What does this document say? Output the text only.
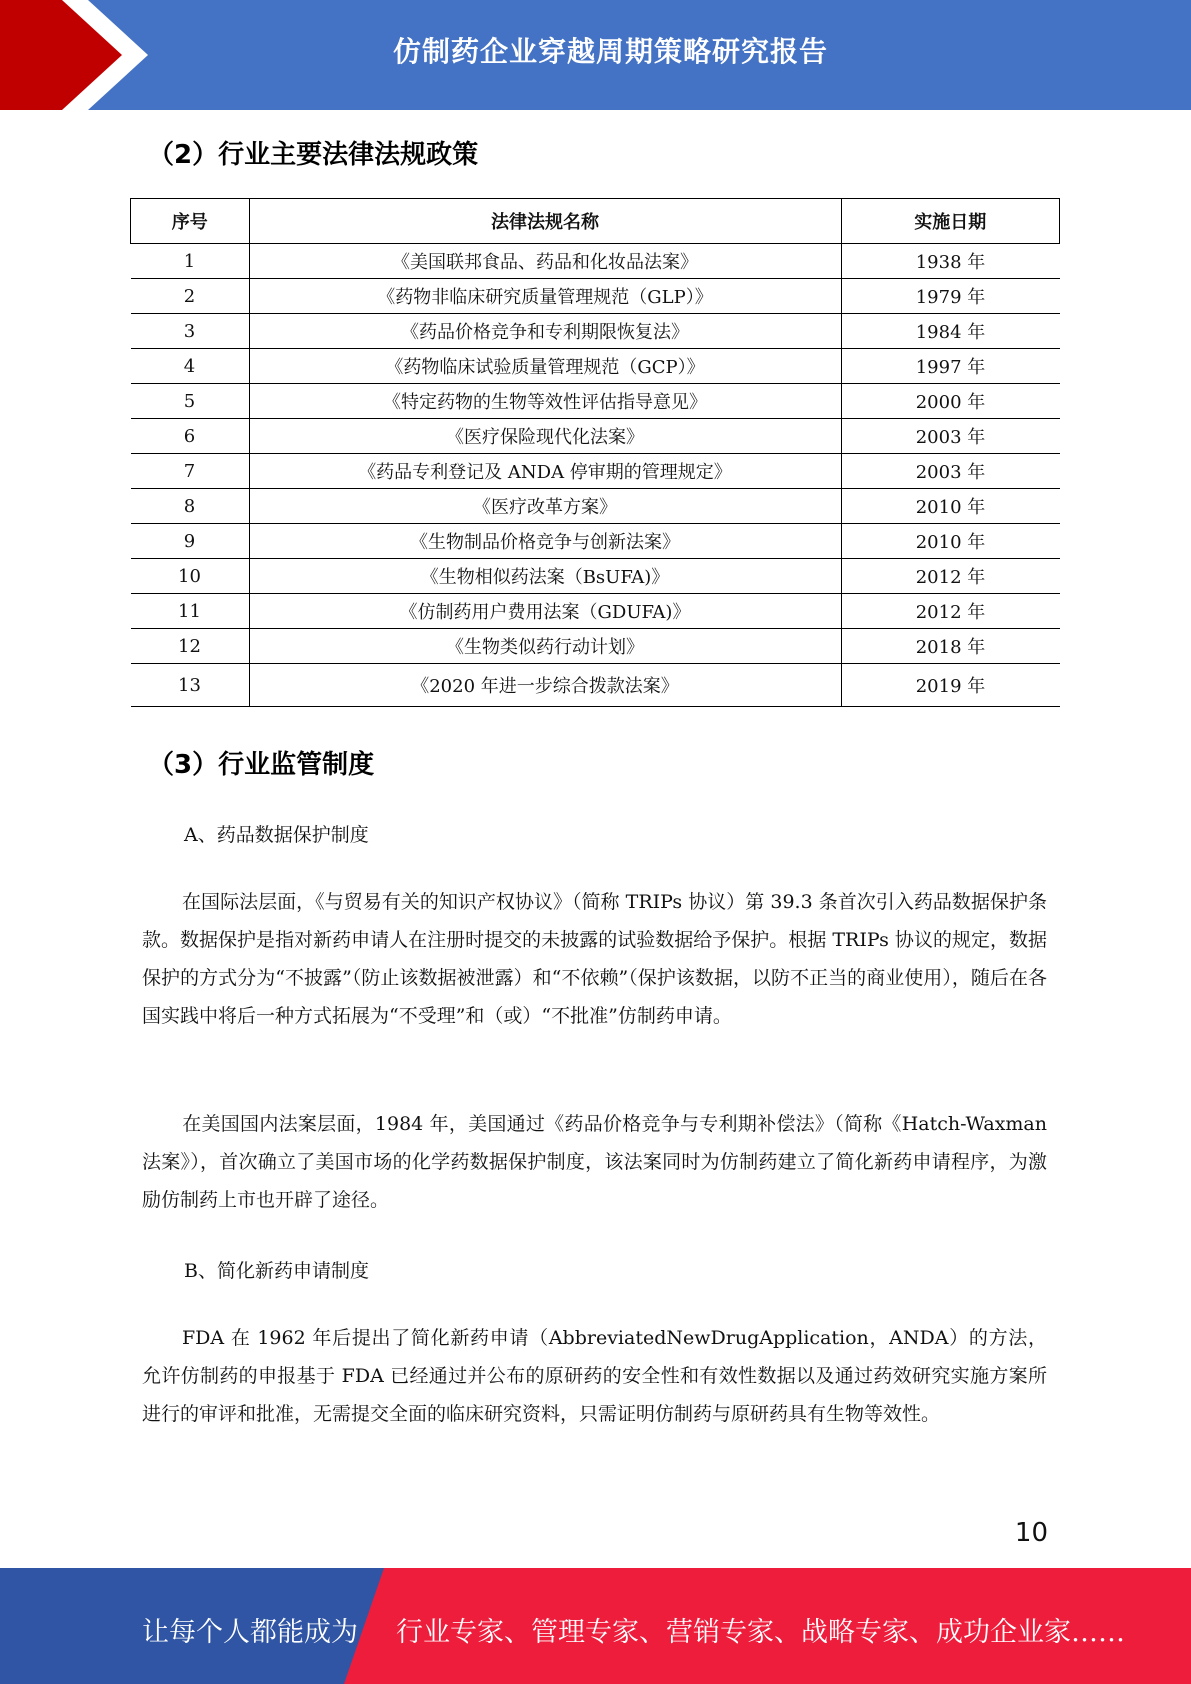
仿制药企业穿越周期策略研究报告
（2）行业主要法律法规政策
序号	法律法规名称	实施日期
1	《美国联邦食品、药品和化妆品法案》	1938 年
2	《药物非临床研究质量管理规范（GLP）》	1979 年
3	《药品价格竞争和专利期限恢复法》	1984 年
4	《药物临床试验质量管理规范（GCP）》	1997 年
5	《特定药物的生物等效性评估指导意见》	2000 年
6	《医疗保险现代化法案》	2003 年
7	《药品专利登记及 ANDA 停审期的管理规定》	2003 年
8	《医疗改革方案》	2010 年
9	《生物制品价格竞争与创新法案》	2010 年
10	《生物相似药法案（BsUFA)》	2012 年
11	《仿制药用户费用法案（GDUFA)》	2012 年
12	《生物类似药行动计划》	2018 年
13	《2020 年进一步综合拨款法案》	2019 年
（3）行业监管制度
A、药品数据保护制度
在国际法层面，《与贸易有关的知识产权协议》（简称 TRIPs 协议）第 39.3 条首次引入药品数据保护条款。数据保护是指对新药申请人在注册时提交的未披露的试验数据给予保护。根据 TRIPs 协议的规定，数据保护的方式分为“不披露”（防止该数据被泄露）和“不依赖”（保护该数据，以防不正当的商业使用），随后在各国实践中将后一种方式拓展为“不受理”和（或）“不批准”仿制药申请。
在美国国内法案层面，1984 年，美国通过《药品价格竞争与专利期补偿法》（简称《Hatch-Waxman 法案》），首次确立了美国市场的化学药数据保护制度，该法案同时为仿制药建立了简化新药申请程序，为激励仿制药上市也开辟了途径。
B、简化新药申请制度
FDA 在 1962 年后提出了简化新药申请（AbbreviatedNewDrugApplication，ANDA）的方法，允许仿制药的申报基于 FDA 已经通过并公布的原研药的安全性和有效性数据以及通过药效研究实施方案所进行的审评和批准，无需提交全面的临床研究资料，只需证明仿制药与原研药具有生物等效性。
10
让每个人都能成为 行业专家、管理专家、营销专家、战略专家、成功企业家……
